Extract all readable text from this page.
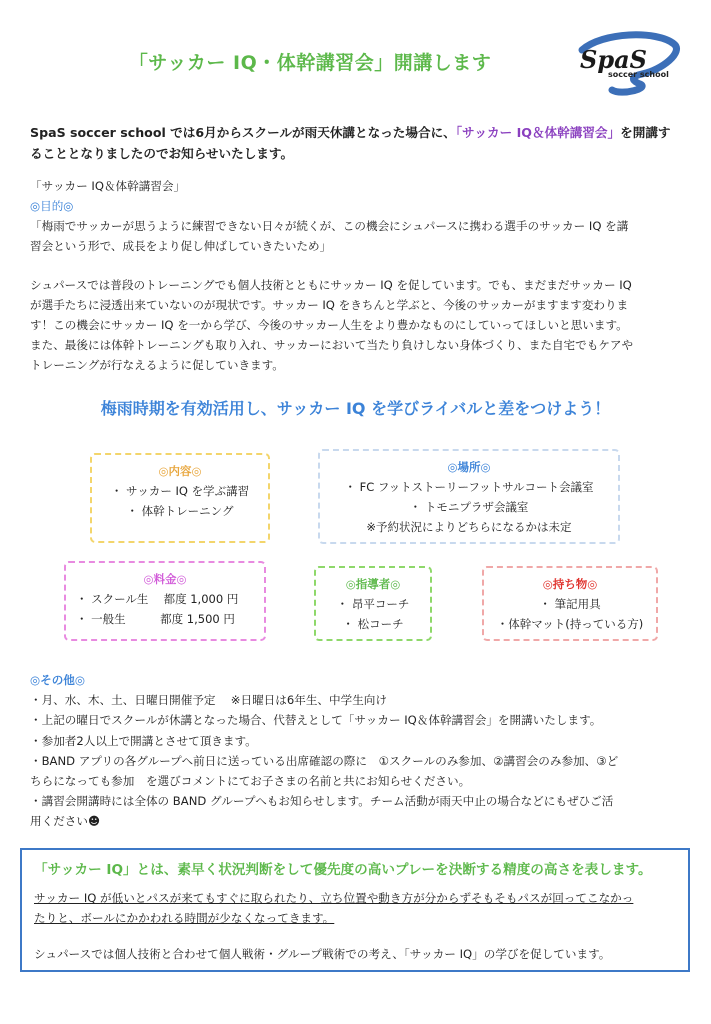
「サッカー IQ・体幹講習会」開講します	SpaS
soccer school
SpaS soccer school では6月からスクールが雨天休講となった場合に、「サッカー IQ＆体幹講習会」を開講することとなりましたのでお知らせいたします。
「サッカー IQ＆体幹講習会」
◎目的◎
「梅雨でサッカーが思うように練習できない日々が続くが、この機会にシュパースに携わる選手のサッカー IQ を講
習会という形で、成長をより促し伸ばしていきたいため」
シュパースでは普段のトレーニングでも個人技術とともにサッカー IQ を促しています。でも、まだまだサッカー IQ
が選手たちに浸透出来ていないのが現状です。サッカー IQ をきちんと学ぶと、今後のサッカーがますます変わりま
す！この機会にサッカー IQ を一から学び、今後のサッカー人生をより豊かなものにしていってほしいと思います。
また、最後には体幹トレーニングも取り入れ、サッカーにおいて当たり負けしない身体づくり、また自宅でもケアや
トレーニングが行なえるように促していきます。
梅雨時期を有効活用し、サッカー IQ を学びライバルと差をつけよう！
◎内容◎
・ サッカー IQ を学ぶ講習
・ 体幹トレーニング
◎場所◎
・ FC フットストーリーフットサルコート会議室
・ トモニプラザ会議室
※予約状況によりどちらになるかは未定
◎料金◎
・ スクール生　 都度 1,000 円
・ 一般生　　　都度 1,500 円
◎指導者◎
・ 昂平コーチ
・ 松コーチ
◎持ち物◎
・ 筆記用具
・体幹マット(持っている方)
◎その他◎
・月、水、木、土、日曜日開催予定　 ※日曜日は6年生、中学生向け
・上記の曜日でスクールが休講となった場合、代替えとして「サッカー IQ＆体幹講習会」を開講いたします。
・参加者2人以上で開講とさせて頂きます。
・BAND アプリの各グループへ前日に送っている出席確認の際に　①スクールのみ参加、②講習会のみ参加、③ど
ちらになっても参加　を選びコメントにてお子さまの名前と共にお知らせください。
・講習会開講時には全体の BAND グループへもお知らせします。チーム活動が雨天中止の場合などにもぜひご活
用ください☻
「サッカー IQ」とは、素早く状況判断をして優先度の高いプレーを決断する精度の高さを表します。
サッカー IQ が低いとパスが来てもすぐに取られたり、立ち位置や動き方が分からずそもそもパスが回ってこなかっ
たりと、ボールにかかわれる時間が少なくなってきます。
シュパースでは個人技術と合わせて個人戦術・グループ戦術での考え、「サッカー IQ」の学びを促しています。
